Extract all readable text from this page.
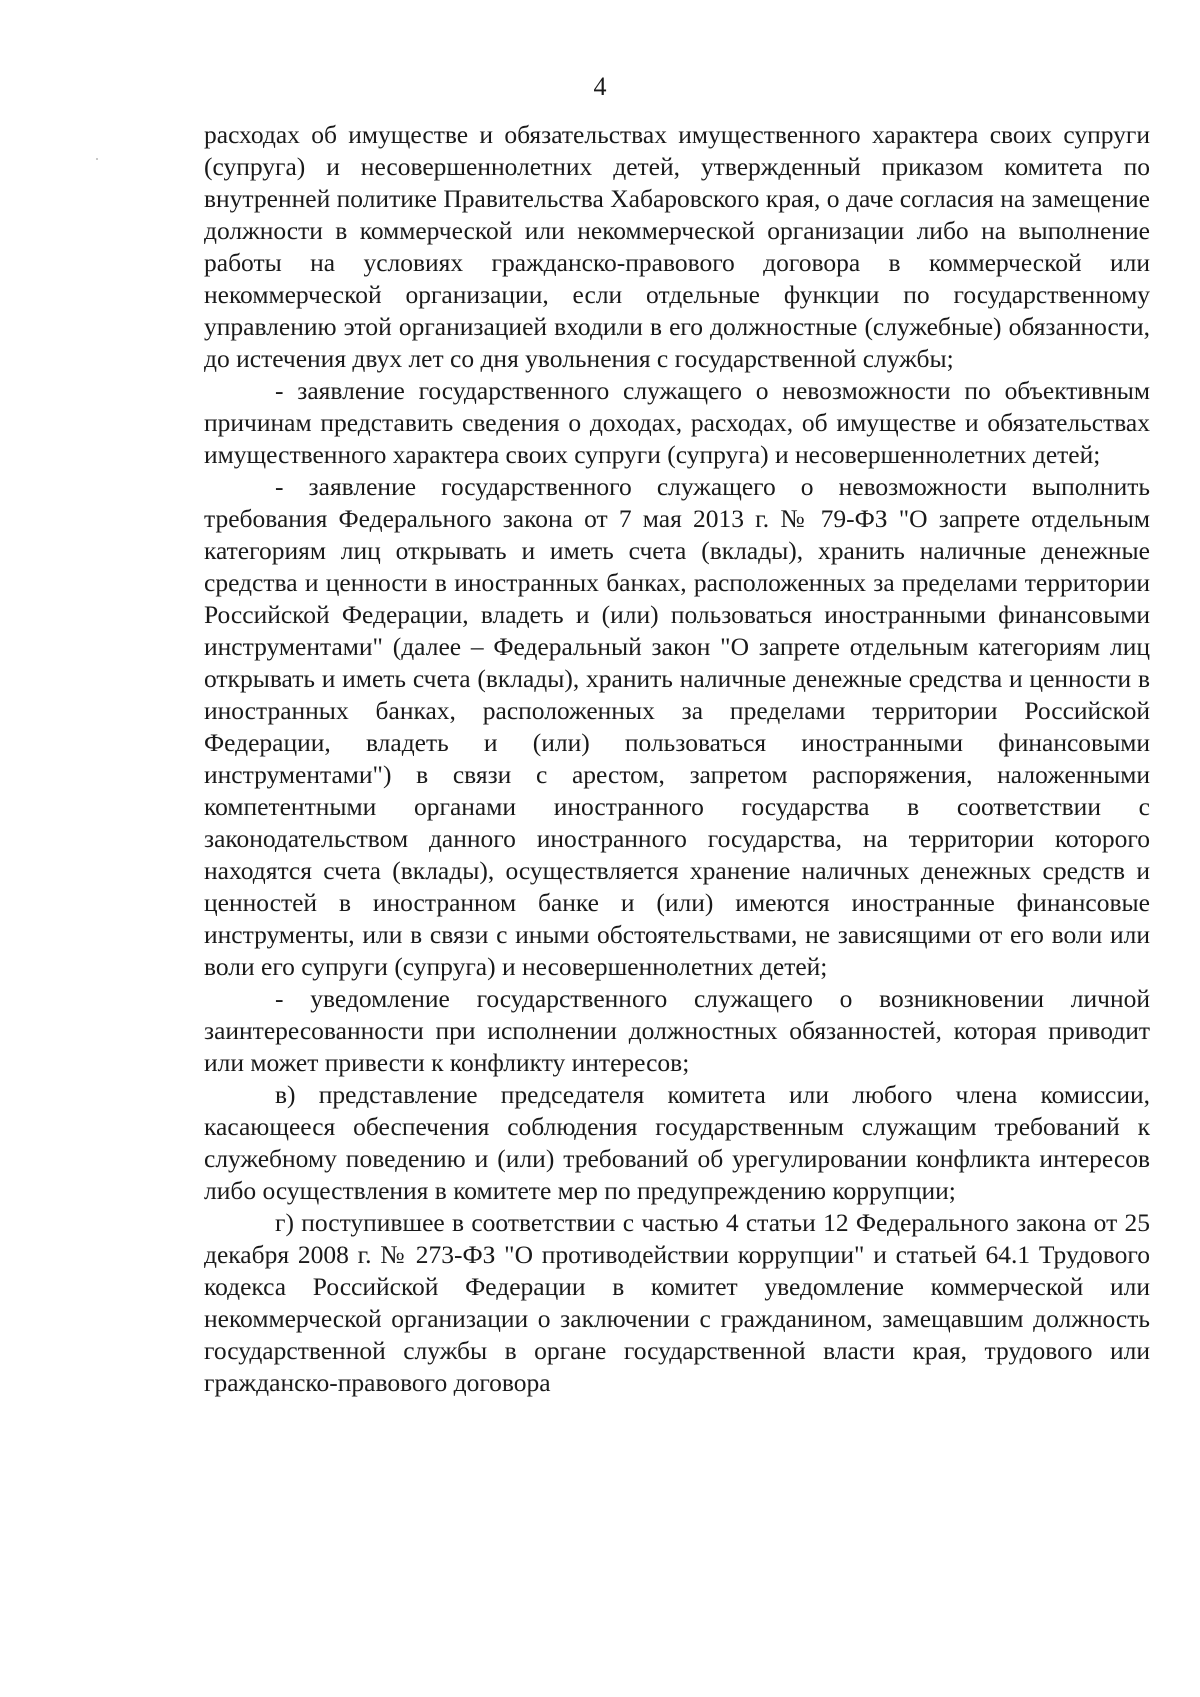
4

расходах об имуществе и обязательствах имущественного характера своих супруги (супруга) и несовершеннолетних детей, утвержденный приказом комитета по внутренней политике Правительства Хабаровского края, о даче согласия на замещение должности в коммерческой или некоммерческой организации либо на выполнение работы на условиях гражданско-правового договора в коммерческой или некоммерческой организации, если отдельные функции по государственному управлению этой организацией входили в его должностные (служебные) обязанности, до истечения двух лет со дня увольнения с государственной службы;

- заявление государственного служащего о невозможности по объективным причинам представить сведения о доходах, расходах, об имуществе и обязательствах имущественного характера своих супруги (супруга) и несовершеннолетних детей;

- заявление государственного служащего о невозможности выполнить требования Федерального закона от 7 мая 2013 г. № 79-ФЗ "О запрете отдельным категориям лиц открывать и иметь счета (вклады), хранить наличные денежные средства и ценности в иностранных банках, расположенных за пределами территории Российской Федерации, владеть и (или) пользоваться иностранными финансовыми инструментами" (далее – Федеральный закон "О запрете отдельным категориям лиц открывать и иметь счета (вклады), хранить наличные денежные средства и ценности в иностранных банках, расположенных за пределами территории Российской Федерации, владеть и (или) пользоваться иностранными финансовыми инструментами") в связи с арестом, запретом распоряжения, наложенными компетентными органами иностранного государства в соответствии с законодательством данного иностранного государства, на территории которого находятся счета (вклады), осуществляется хранение наличных денежных средств и ценностей в иностранном банке и (или) имеются иностранные финансовые инструменты, или в связи с иными обстоятельствами, не зависящими от его воли или воли его супруги (супруга) и несовершеннолетних детей;

- уведомление государственного служащего о возникновении личной заинтересованности при исполнении должностных обязанностей, которая приводит или может привести к конфликту интересов;

в) представление председателя комитета или любого члена комиссии, касающееся обеспечения соблюдения государственным служащим требований к служебному поведению и (или) требований об урегулировании конфликта интересов либо осуществления в комитете мер по предупреждению коррупции;

г) поступившее в соответствии с частью 4 статьи 12 Федерального закона от 25 декабря 2008 г. № 273-ФЗ "О противодействии коррупции" и статьей 64.1 Трудового кодекса Российской Федерации в комитет уведомление коммерческой или некоммерческой организации о заключении с гражданином, замещавшим должность государственной службы в органе государственной власти края, трудового или гражданско-правового договора
